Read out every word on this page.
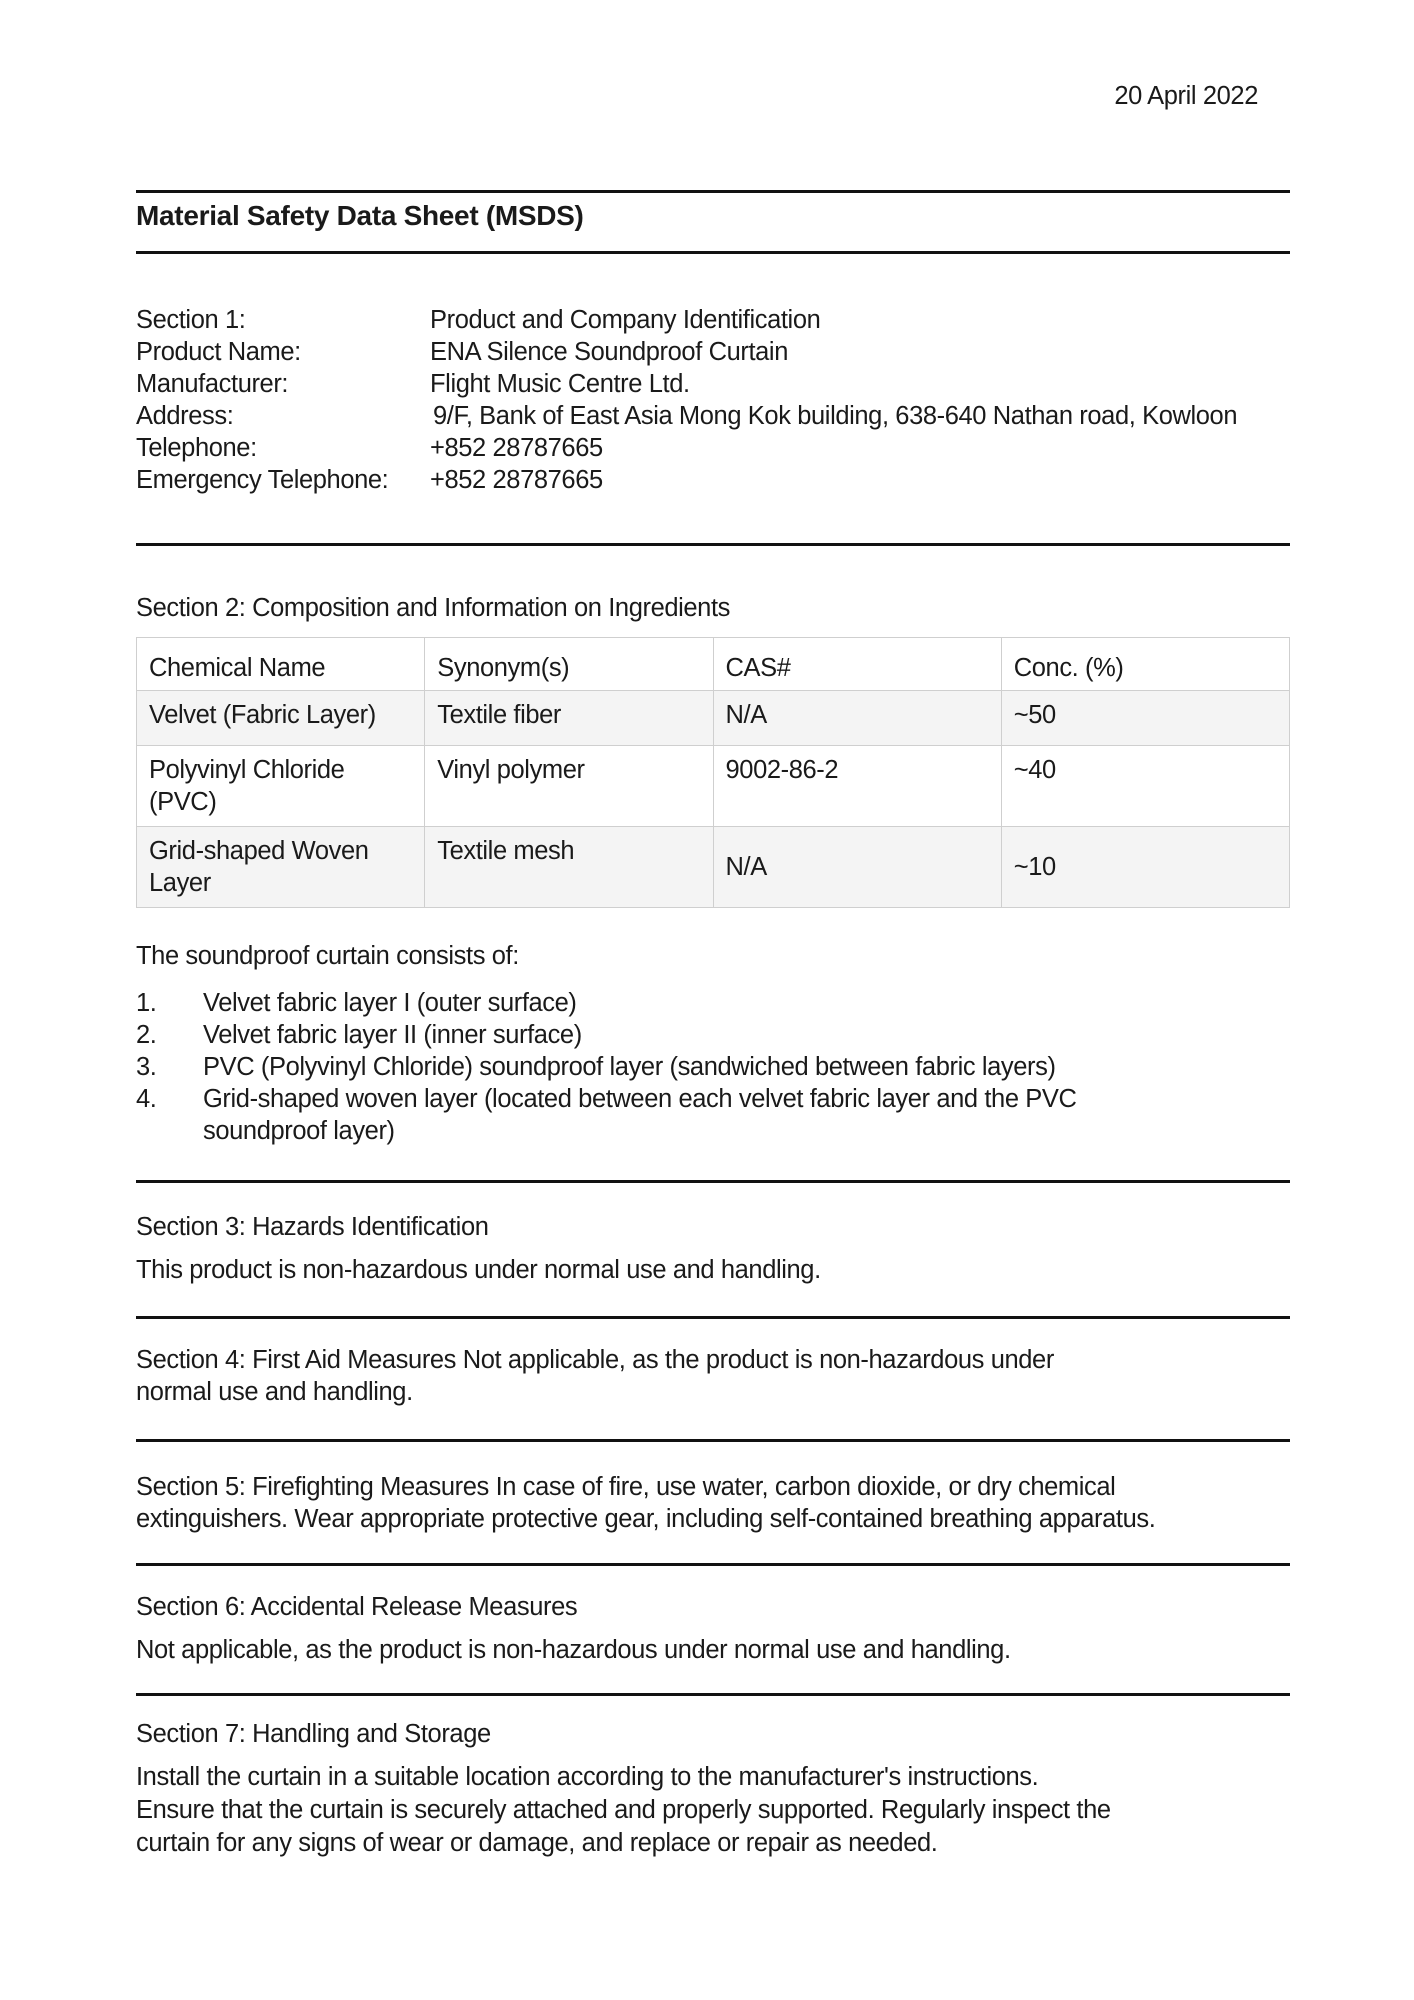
20 April 2022
Material Safety Data Sheet (MSDS)
Section 1:	Product and Company Identification
Product Name:	ENA Silence Soundproof Curtain
Manufacturer:	Flight Music Centre Ltd.
Address:	9/F, Bank of East Asia Mong Kok building, 638-640 Nathan road, Kowloon
Telephone:	+852 28787665
Emergency Telephone: +852 28787665
Section 2: Composition and Information on Ingredients
Chemical Name	Synonym(s)	CAS#	Conc. (%)
Velvet (Fabric Layer)	Textile fiber	N/A	~50
Polyvinyl Chloride (PVC)	Vinyl polymer	9002-86-2	~40
Grid-shaped Woven Layer	Textile mesh	N/A	~10
The soundproof curtain consists of:
1. Velvet fabric layer I (outer surface)
2. Velvet fabric layer II (inner surface)
3. PVC (Polyvinyl Chloride) soundproof layer (sandwiched between fabric layers)
4. Grid-shaped woven layer (located between each velvet fabric layer and the PVC
soundproof layer)
Section 3: Hazards Identification
This product is non-hazardous under normal use and handling.
Section 4: First Aid Measures Not applicable, as the product is non-hazardous under
normal use and handling.
Section 5: Firefighting Measures In case of fire, use water, carbon dioxide, or dry chemical
extinguishers. Wear appropriate protective gear, including self-contained breathing apparatus.
Section 6: Accidental Release Measures
Not applicable, as the product is non-hazardous under normal use and handling.
Section 7: Handling and Storage
Install the curtain in a suitable location according to the manufacturer's instructions.
Ensure that the curtain is securely attached and properly supported. Regularly inspect the
curtain for any signs of wear or damage, and replace or repair as needed.
